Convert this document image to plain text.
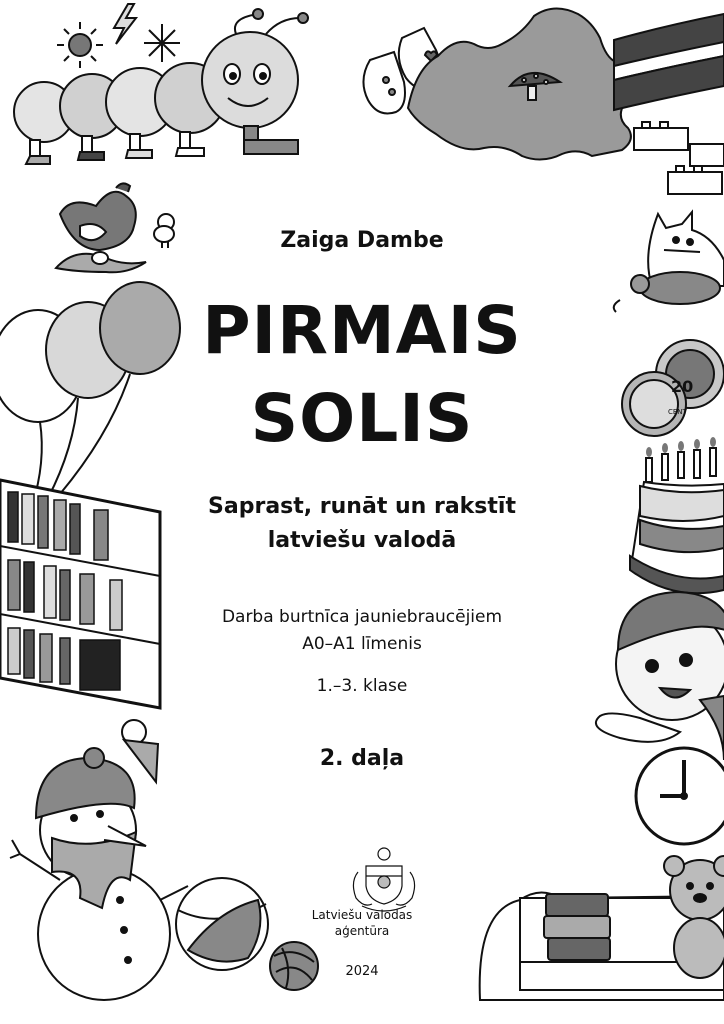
20
CENT
Zaiga Dambe
PIRMAIS
SOLIS
Saprast, runāt un rakstīt
latviešu valodā
Darba burtnīca jauniebraucējiem
A0–A1 līmenis
1.–3. klase
2. daļa
Latviešu valodas
aģentūra
2024
